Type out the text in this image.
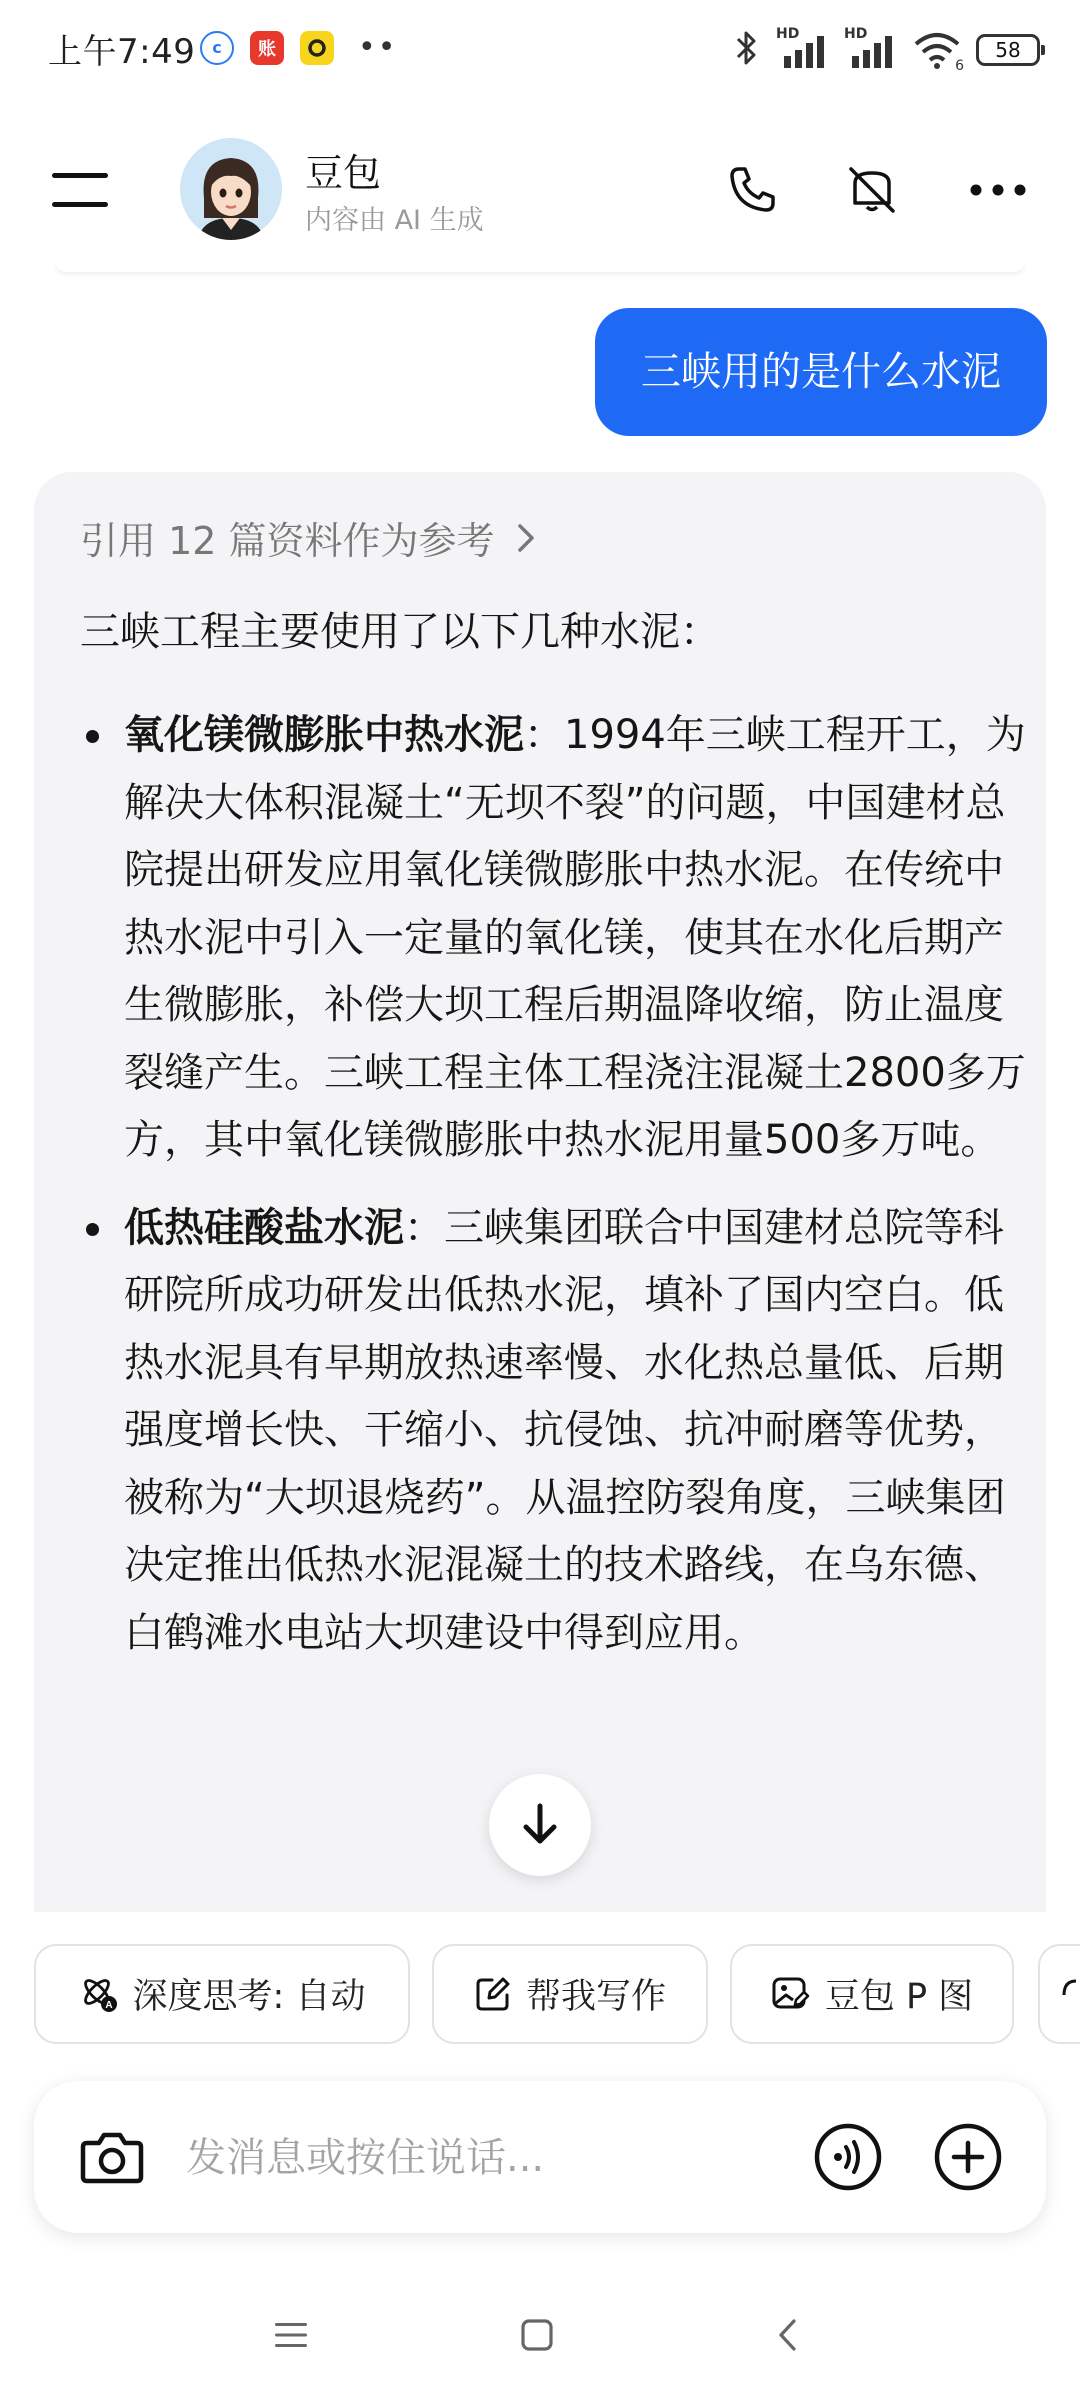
上午7:49	c	账	••	HD	HD
6
58
豆包
内容由 AI 生成
三峡用的是什么水泥
引用 12 篇资料作为参考
三峡工程主要使用了以下几种水泥：
氧化镁微膨胀中热水泥：1994年三峡工程开工，为解决大体积混凝土“无坝不裂”的问题，中国建材总院提出研发应用氧化镁微膨胀中热水泥。在传统中热水泥中引入一定量的氧化镁，使其在水化后期产生微膨胀，补偿大坝工程后期温降收缩，防止温度裂缝产生。三峡工程主体工程浇注混凝土2800多万方，其中氧化镁微膨胀中热水泥用量500多万吨。
低热硅酸盐水泥：三峡集团联合中国建材总院等科研院所成功研发出低热水泥，填补了国内空白。低热水泥具有早期放热速率慢、水化热总量低、后期强度增长快、干缩小、抗侵蚀、抗冲耐磨等优势，被称为“大坝退烧药”。从温控防裂角度，三峡集团决定推出低热水泥混凝土的技术路线，在乌东德、白鹤滩水电站大坝建设中得到应用。
A 深度思考: 自动	帮我写作	豆包 P 图
发消息或按住说话...
